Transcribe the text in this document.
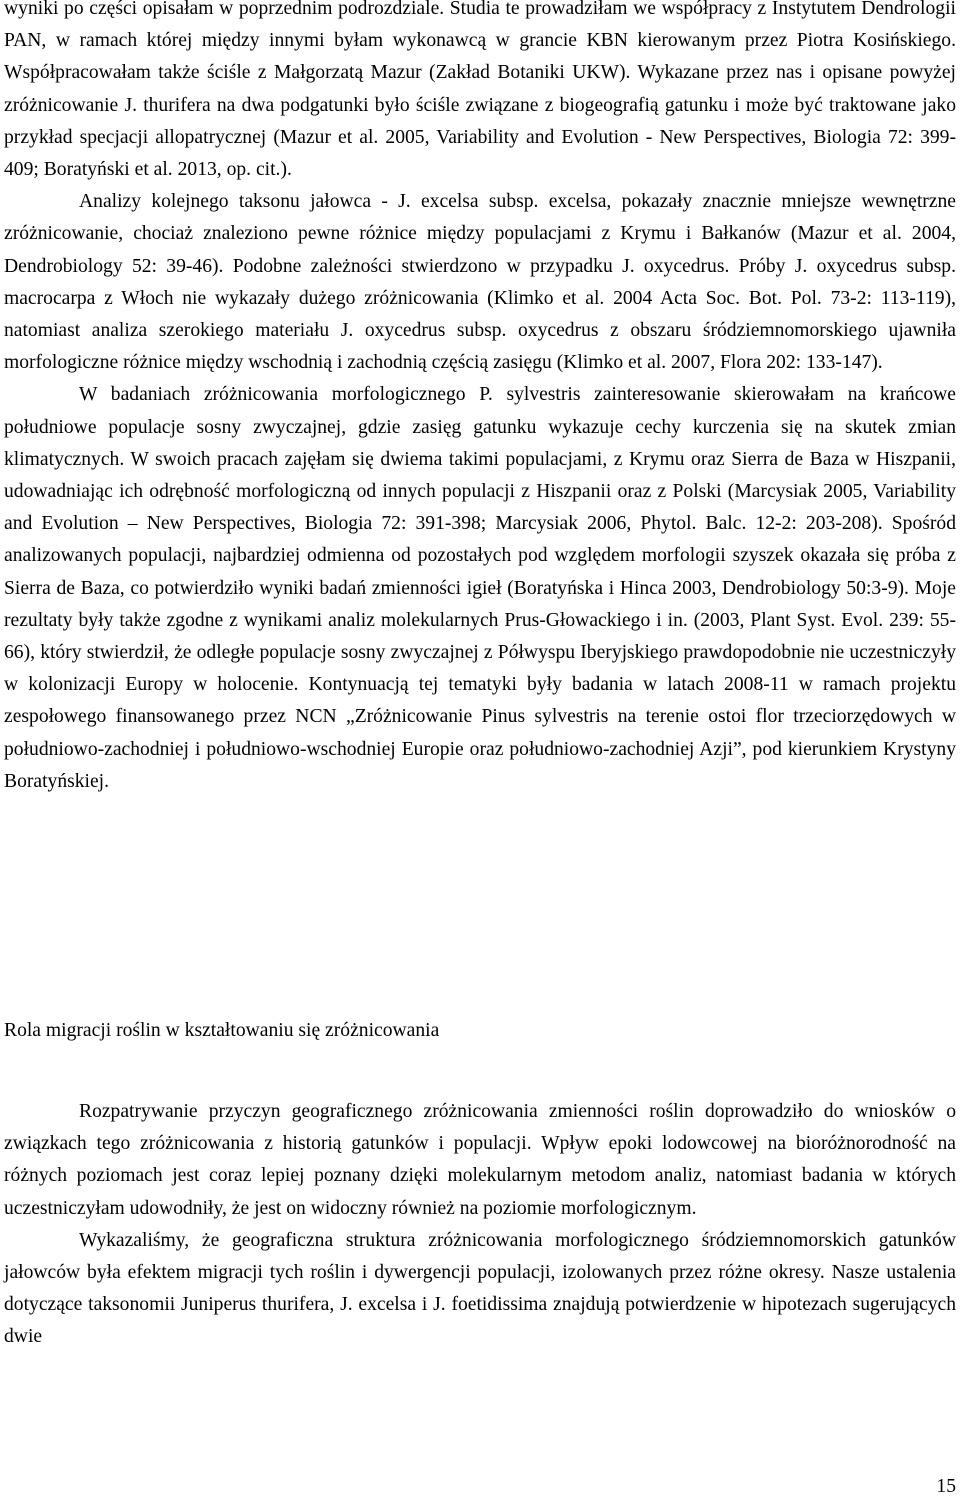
wyniki po części opisałam w poprzednim podrozdziale. Studia te prowadziłam we współpracy z Instytutem Dendrologii PAN, w ramach której między innymi byłam wykonawcą w grancie KBN kierowanym przez Piotra Kosińskiego. Współpracowałam także ściśle z Małgorzatą Mazur (Zakład Botaniki UKW). Wykazane przez nas i opisane powyżej zróżnicowanie J. thurifera na dwa podgatunki było ściśle związane z biogeografią gatunku i może być traktowane jako przykład specjacji allopatrycznej (Mazur et al. 2005, Variability and Evolution - New Perspectives, Biologia 72: 399-409; Boratyński et al. 2013, op. cit.).

Analizy kolejnego taksonu jałowca - J. excelsa subsp. excelsa, pokazały znacznie mniejsze wewnętrzne zróżnicowanie, chociaż znaleziono pewne różnice między populacjami z Krymu i Bałkanów (Mazur et al. 2004, Dendrobiology 52: 39-46). Podobne zależności stwierdzono w przypadku J. oxycedrus. Próby J. oxycedrus subsp. macrocarpa z Włoch nie wykazały dużego zróżnicowania (Klimko et al. 2004 Acta Soc. Bot. Pol. 73-2: 113-119), natomiast analiza szerokiego materiału J. oxycedrus subsp. oxycedrus z obszaru śródziemnomorskiego ujawniła morfologiczne różnice między wschodnią i zachodnią częścią zasięgu (Klimko et al. 2007, Flora 202: 133-147).

W badaniach zróżnicowania morfologicznego P. sylvestris zainteresowanie skierowałam na krańcowe południowe populacje sosny zwyczajnej, gdzie zasięg gatunku wykazuje cechy kurczenia się na skutek zmian klimatycznych. W swoich pracach zajęłam się dwiema takimi populacjami, z Krymu oraz Sierra de Baza w Hiszpanii, udowadniając ich odrębność morfologiczną od innych populacji z Hiszpanii oraz z Polski (Marcysiak 2005, Variability and Evolution – New Perspectives, Biologia 72: 391-398; Marcysiak 2006, Phytol. Balc. 12-2: 203-208). Spośród analizowanych populacji, najbardziej odmienna od pozostałych pod względem morfologii szyszek okazała się próba z Sierra de Baza, co potwierdziło wyniki badań zmienności igieł (Boratyńska i Hinca 2003, Dendrobiology 50:3-9). Moje rezultaty były także zgodne z wynikami analiz molekularnych Prus-Głowackiego i in. (2003, Plant Syst. Evol. 239: 55-66), który stwierdził, że odległe populacje sosny zwyczajnej z Półwyspu Iberyjskiego prawdopodobnie nie uczestniczyły w kolonizacji Europy w holocenie. Kontynuacją tej tematyki były badania w latach 2008-11 w ramach projektu zespołowego finansowanego przez NCN „Zróżnicowanie Pinus sylvestris na terenie ostoi flor trzeciorzędowych w południowo-zachodniej i południowo-wschodniej Europie oraz południowo-zachodniej Azji”, pod kierunkiem Krystyny Boratyńskiej.

Rola migracji roślin w kształtowaniu się zróżnicowania

Rozpatrywanie przyczyn geograficznego zróżnicowania zmienności roślin doprowadziło do wniosków o związkach tego zróżnicowania z historią gatunków i populacji. Wpływ epoki lodowcowej na bioróżnorodność na różnych poziomach jest coraz lepiej poznany dzięki molekularnym metodom analiz, natomiast badania w których uczestniczyłam udowodniły, że jest on widoczny również na poziomie morfologicznym.

Wykazaliśmy, że geograficzna struktura zróżnicowania morfologicznego śródziemnomorskich gatunków jałowców była efektem migracji tych roślin i dywergencji populacji, izolowanych przez różne okresy. Nasze ustalenia dotyczące taksonomii Juniperus thurifera, J. excelsa i J. foetidissima znajdują potwierdzenie w hipotezach sugerujących dwie

15
